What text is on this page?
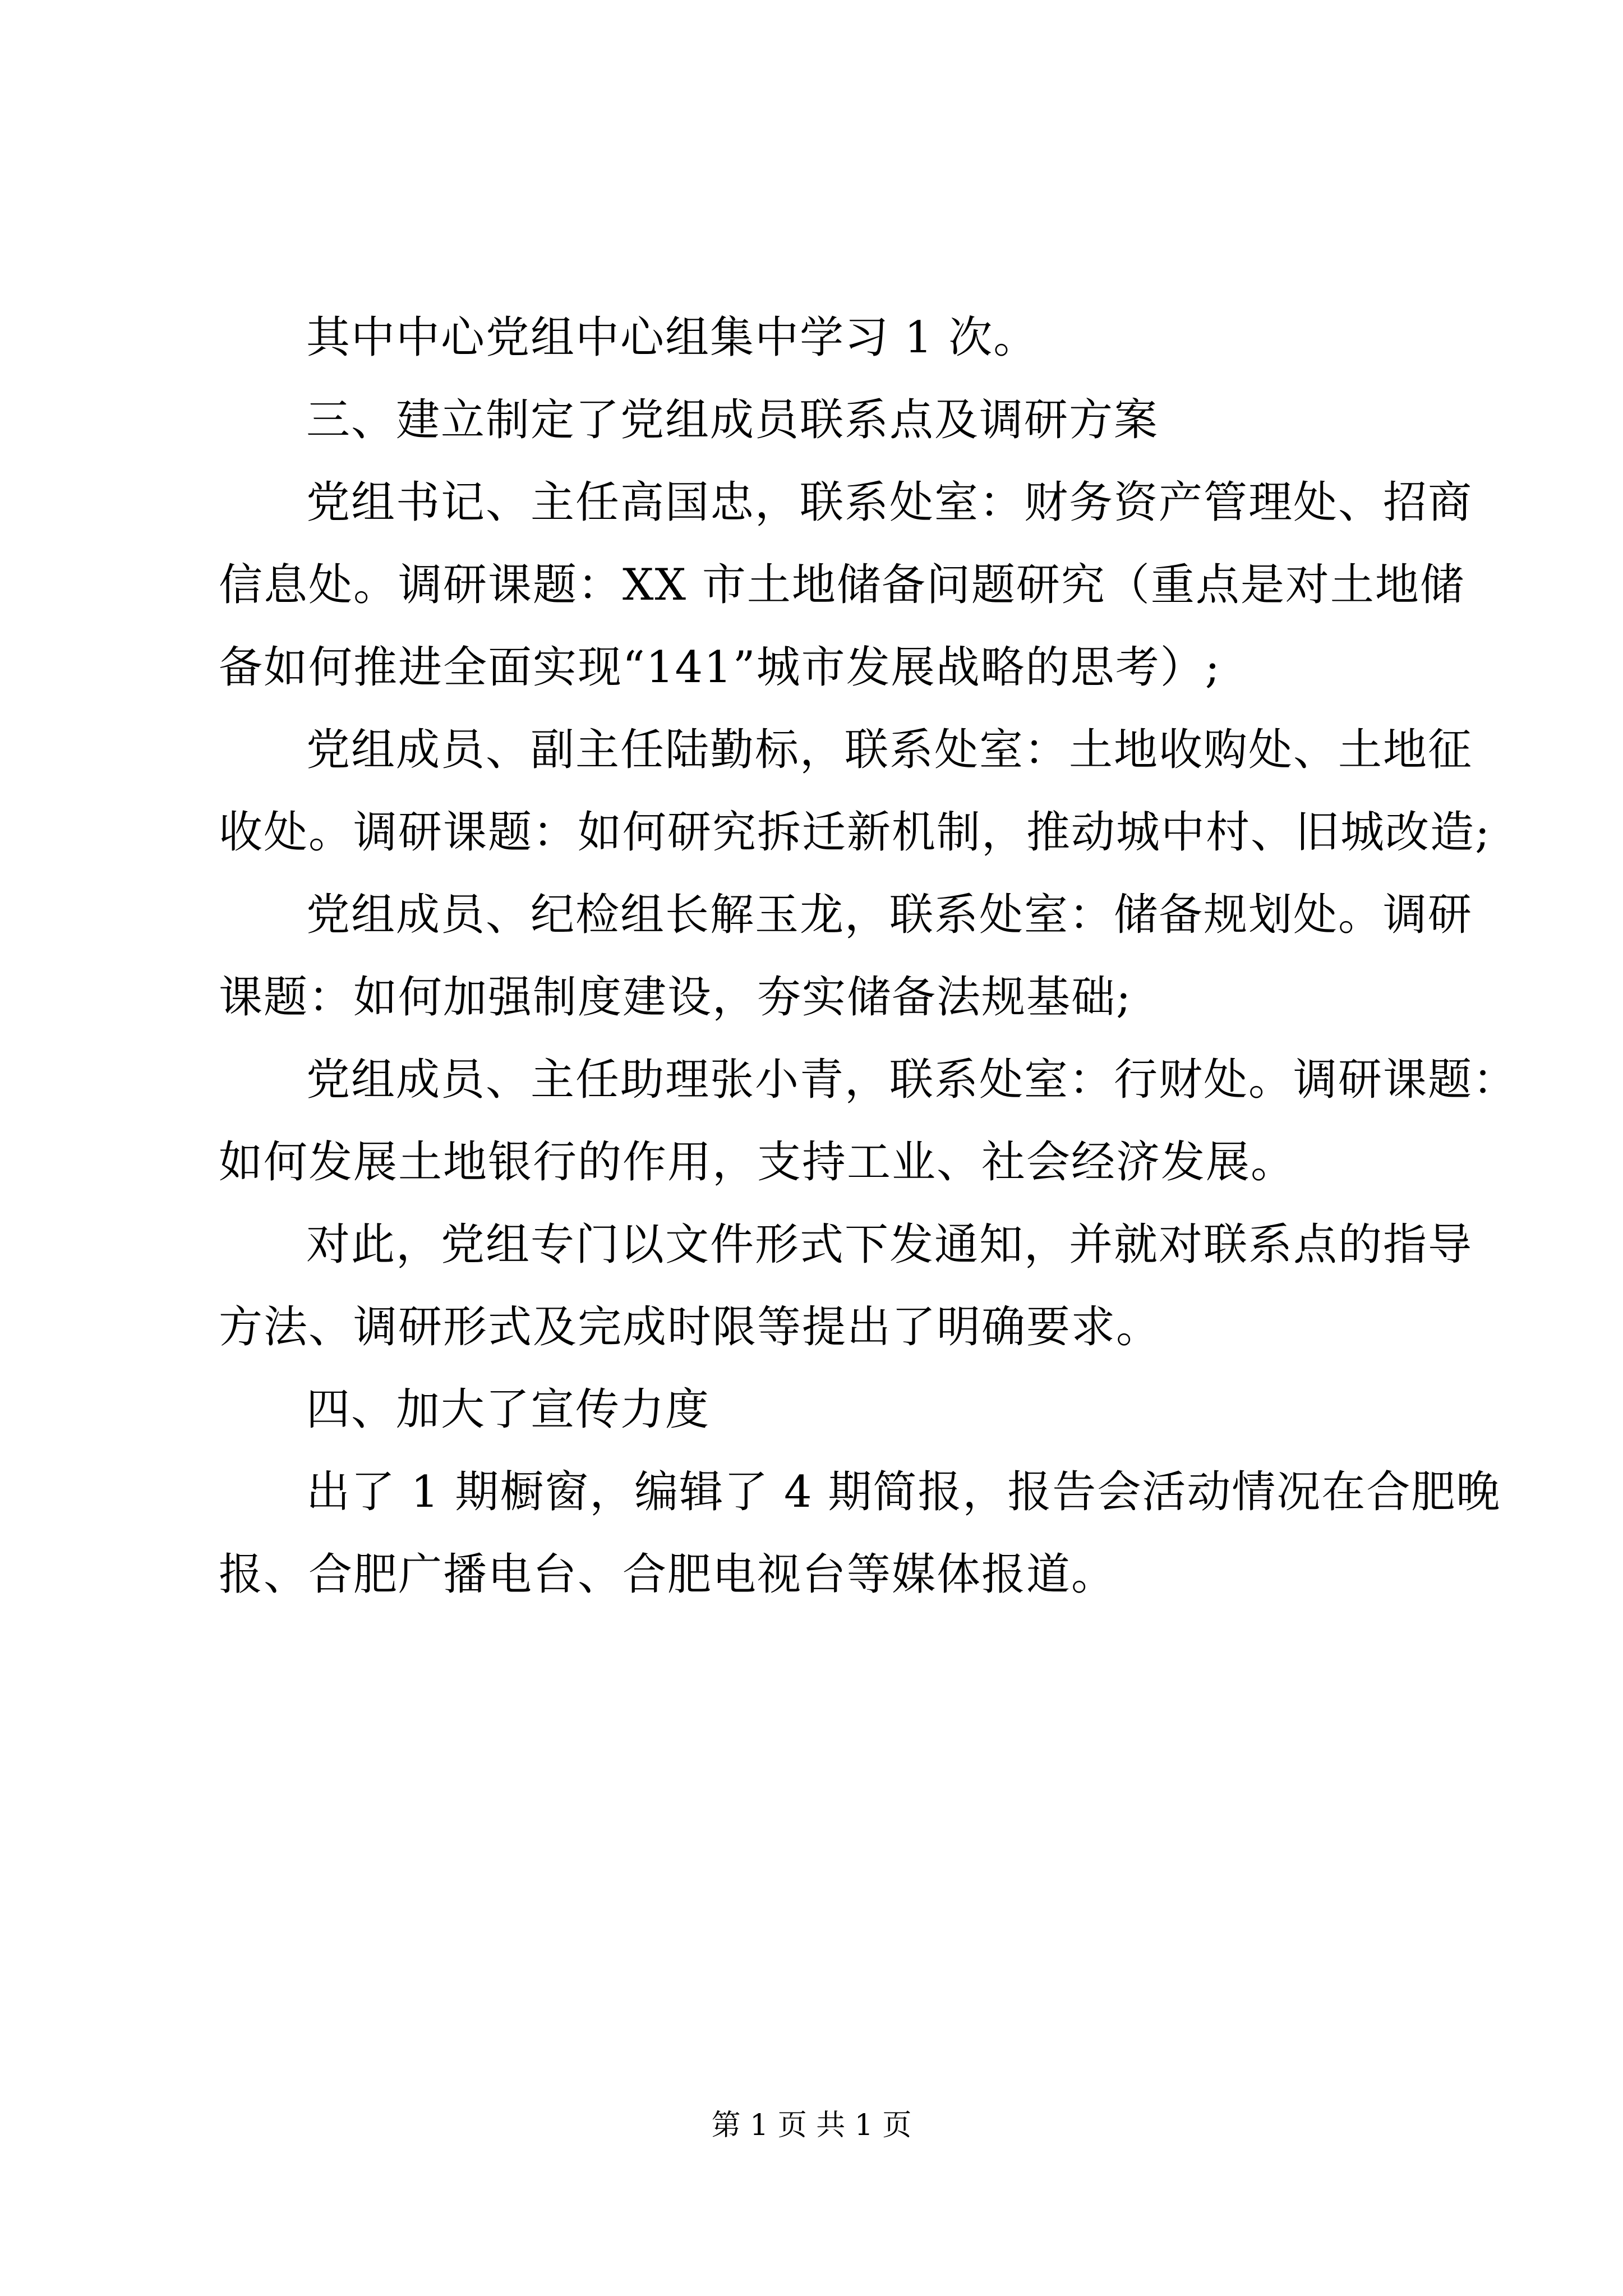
其中中心党组中心组集中学习 1 次。

三、建立制定了党组成员联系点及调研方案

党组书记、主任高国忠，联系处室：财务资产管理处、招商

信息处。调研课题：XX 市土地储备问题研究（重点是对土地储

备如何推进全面实现“141”城市发展战略的思考）;

党组成员、副主任陆勤标，联系处室：土地收购处、土地征

收处。调研课题：如何研究拆迁新机制，推动城中村、旧城改造;

党组成员、纪检组长解玉龙，联系处室：储备规划处。调研

课题：如何加强制度建设，夯实储备法规基础;

党组成员、主任助理张小青，联系处室：行财处。调研课题：

如何发展土地银行的作用，支持工业、社会经济发展。

对此，党组专门以文件形式下发通知，并就对联系点的指导

方法、调研形式及完成时限等提出了明确要求。

四、加大了宣传力度

出了 1 期橱窗，编辑了 4 期简报，报告会活动情况在合肥晚

报、合肥广播电台、合肥电视台等媒体报道。

第 1 页 共 1 页
